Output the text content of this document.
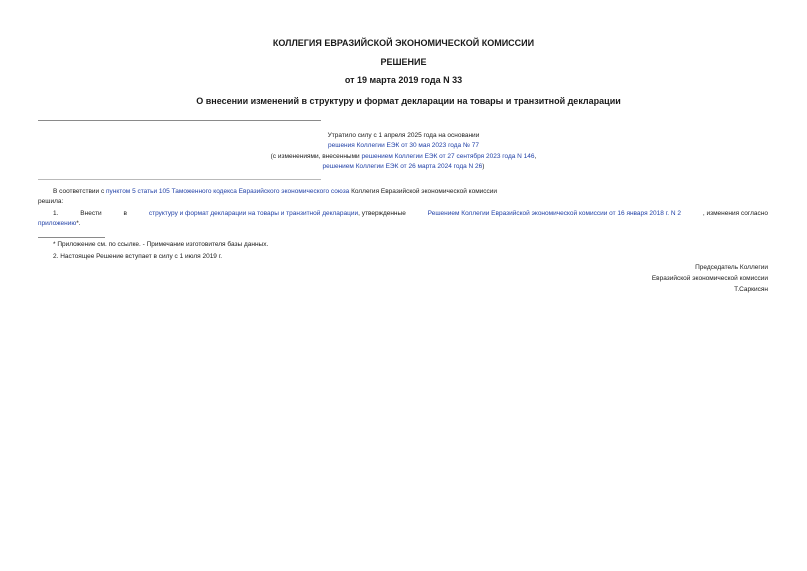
КОЛЛЕГИЯ ЕВРАЗИЙСКОЙ ЭКОНОМИЧЕСКОЙ КОМИССИИ
РЕШЕНИЕ
от 19 марта 2019 года N 33
О внесении изменений в структуру и формат декларации на товары и транзитной декларации
Утратило силу с 1 апреля 2025 года на основании
решения Коллегии ЕЭК от 30 мая 2023 года № 77
(с изменениями, внесенными решением Коллегии ЕЭК от 27 сентября 2023 года N 146,
решением Коллегии ЕЭК от 26 марта 2024 года N 26)
В соответствии с пунктом 5 статьи 105 Таможенного кодекса Евразийского экономического союза Коллегия Евразийской экономической комиссии
решила:
1.	Внести	в	структуру и формат декларации на товары и транзитной декларации, утвержденные	Решением Коллегии Евразийской экономической комиссии от 16 января 2018 г. N 2	, изменения согласно
приложению*.
* Приложение см. по ссылке. - Примечание изготовителя базы данных.
2. Настоящее Решение вступает в силу с 1 июля 2019 г.
Председатель Коллегии
Евразийской экономической комиссии
Т.Саркисян
